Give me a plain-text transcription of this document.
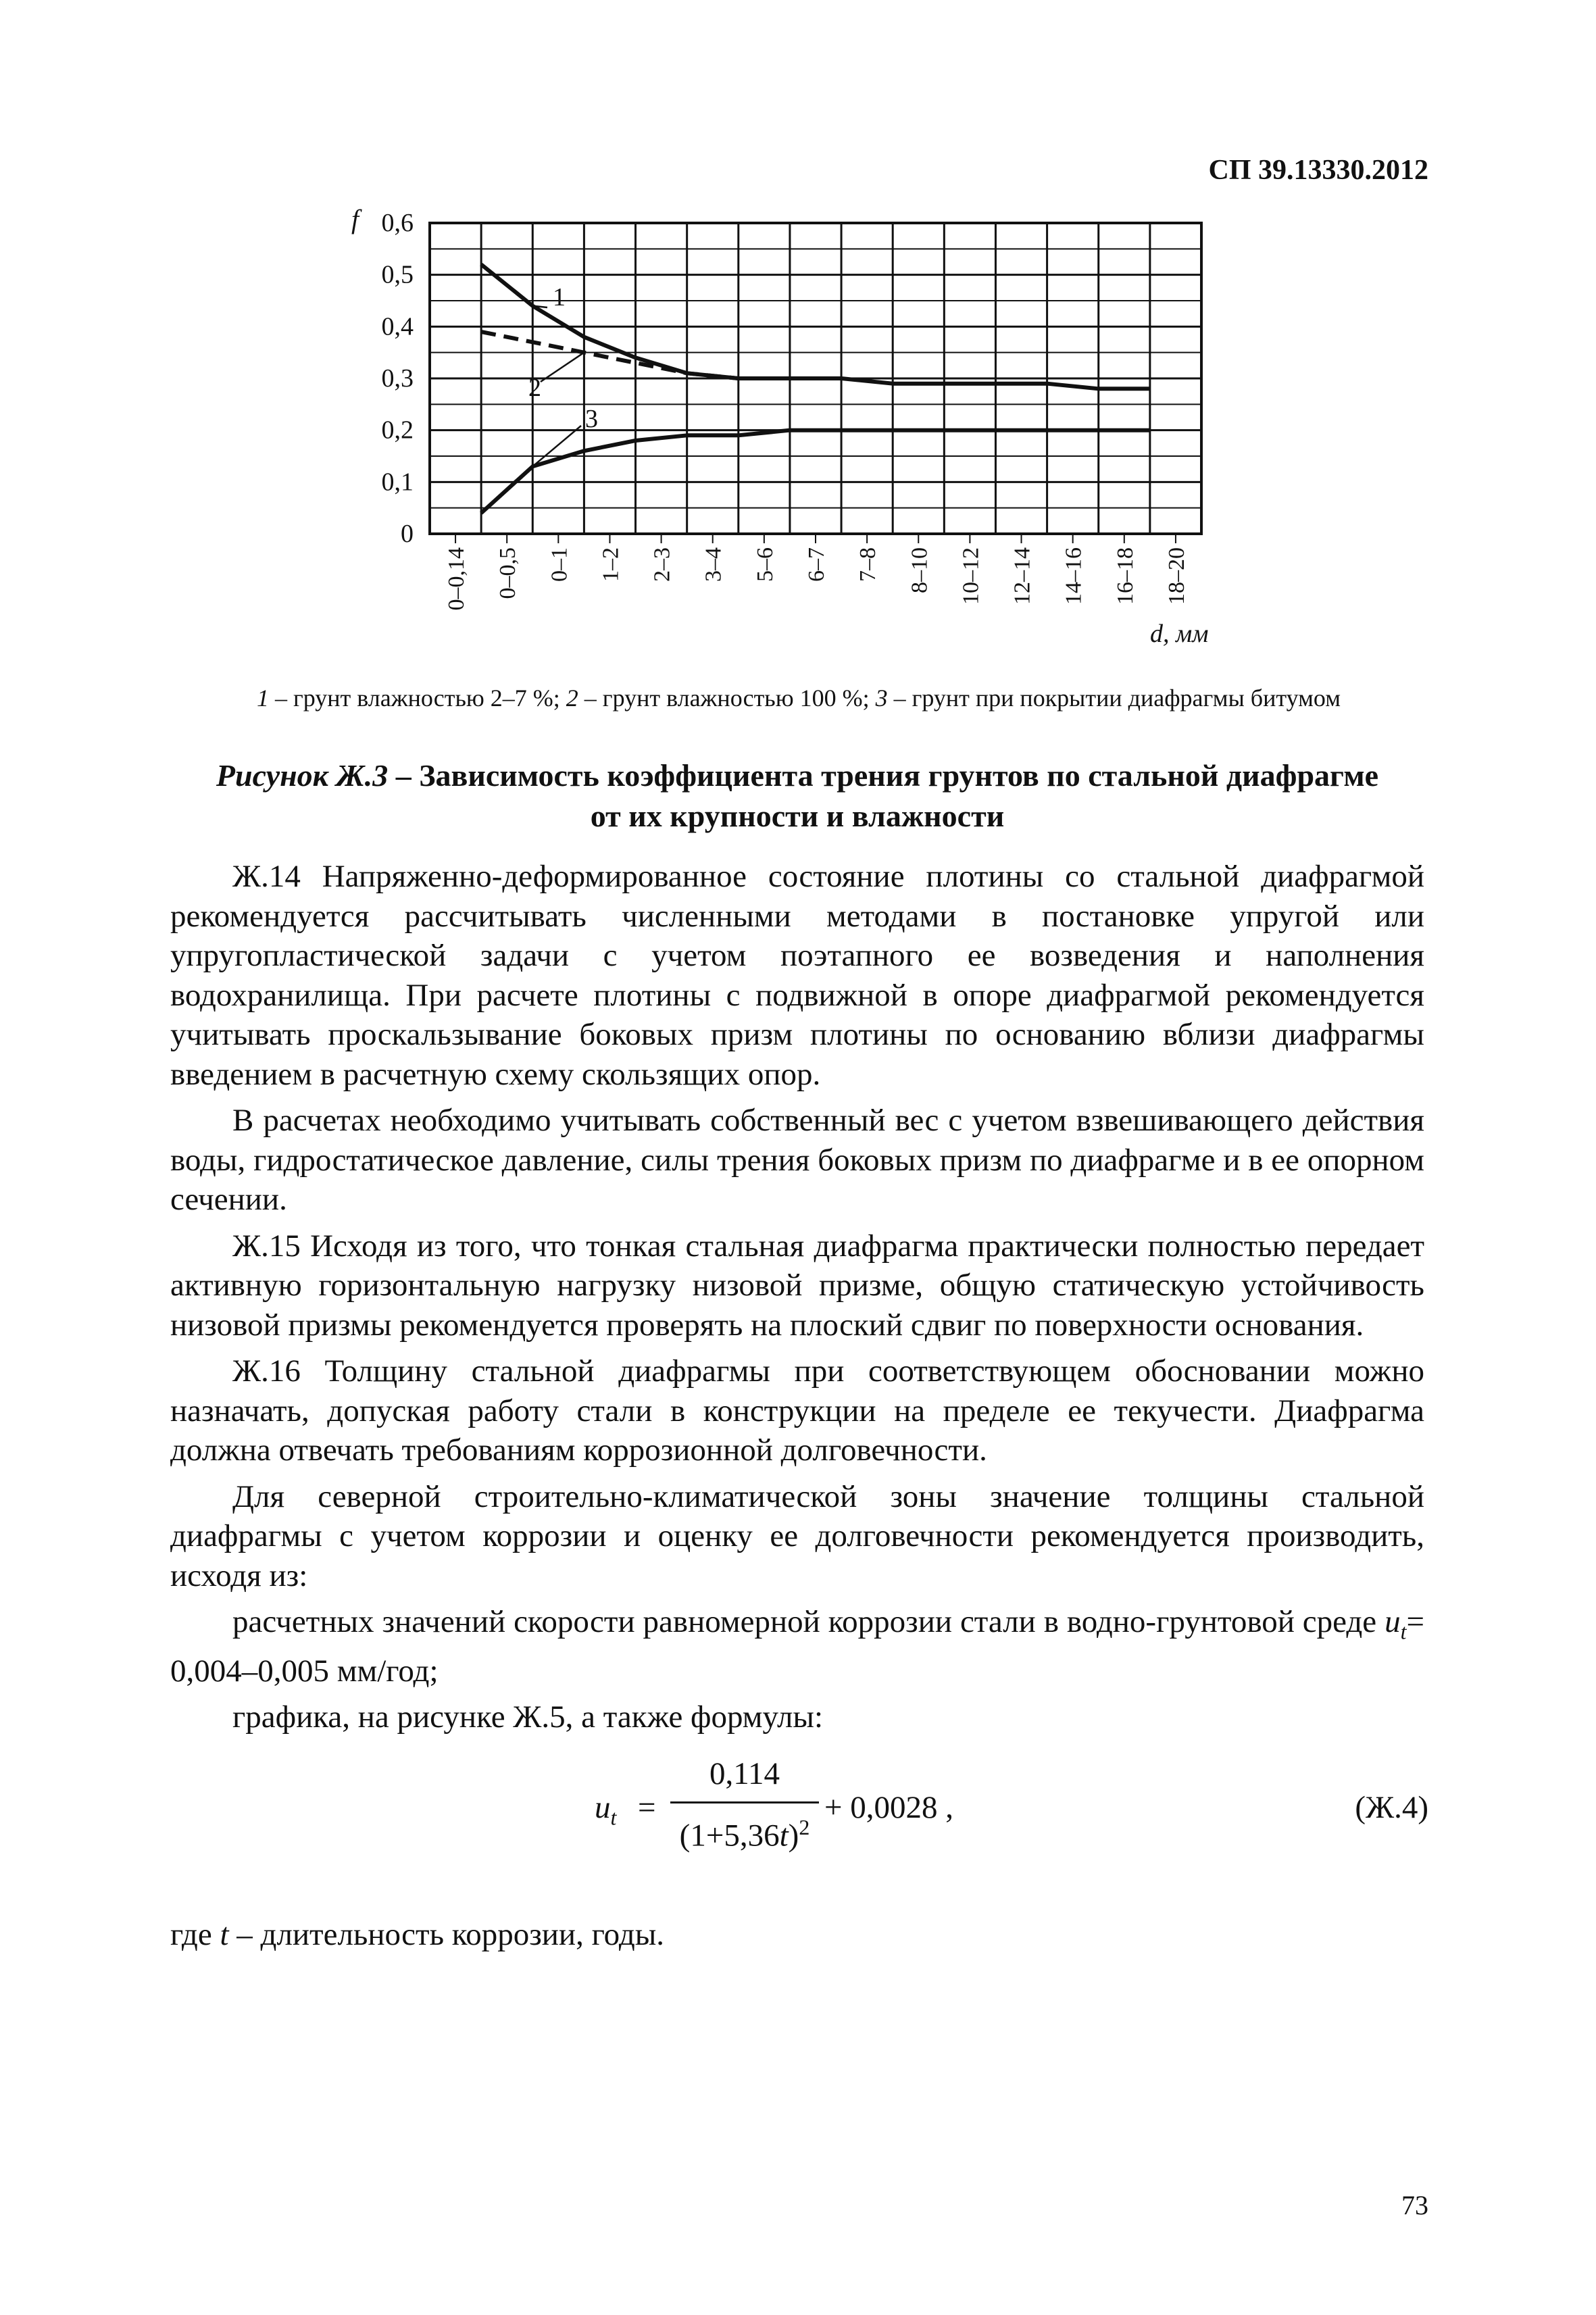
СП 39.13330.2012
0
0,1
0,2
0,3
0,4
0,5
0,6
0–0,14 0–0,5 0–1 1–2 2–3 3–4 5–6 6–7 7–8 8–10 10–12 12–14 14–16 16–18 18–20
1
2
3
f
d, мм
1 – грунт влажностью 2–7 %; 2 – грунт влажностью 100 %; 3 – грунт при покрытии диафрагмы битумом
Рисунок Ж.3 – Зависимость коэффициента трения грунтов по стальной диафрагме
от их крупности и влажности

Ж.14 Напряженно-деформированное состояние плотины со стальной диафрагмой рекомендуется рассчитывать численными методами в постановке упругой или упругопластической задачи с учетом поэтапного ее возведения и наполнения водохранилища. При расчете плотины с подвижной в опоре диафрагмой рекомендуется учитывать проскальзывание боковых призм плотины по основанию вблизи диафрагмы введением в расчетную схему скользящих опор.

В расчетах необходимо учитывать собственный вес с учетом взвешивающего действия воды, гидростатическое давление, силы трения боковых призм по диафрагме и в ее опорном сечении.

Ж.15 Исходя из того, что тонкая стальная диафрагма практически полностью передает активную горизонтальную нагрузку низовой призме, общую статическую устойчивость низовой призмы рекомендуется проверять на плоский сдвиг по поверхности основания.

Ж.16 Толщину стальной диафрагмы при соответствующем обосновании можно назначать, допуская работу стали в конструкции на пределе ее текучести. Диафрагма должна отвечать требованиям коррозионной долговечности.

Для северной строительно-климатической зоны значение толщины стальной диафрагмы с учетом коррозии и оценку ее долговечности рекомендуется производить, исходя из:

расчетных значений скорости равномерной коррозии стали в водно-грунтовой среде $u_t= 0,004-0,005$ мм/год;

графика, на рисунке Ж.5, а также формулы:

$u_t$ =
0,114
$(1+5,36t)^2$
+ 0,0028 ,	(Ж.4)
где t – длительность коррозии, годы.
73
